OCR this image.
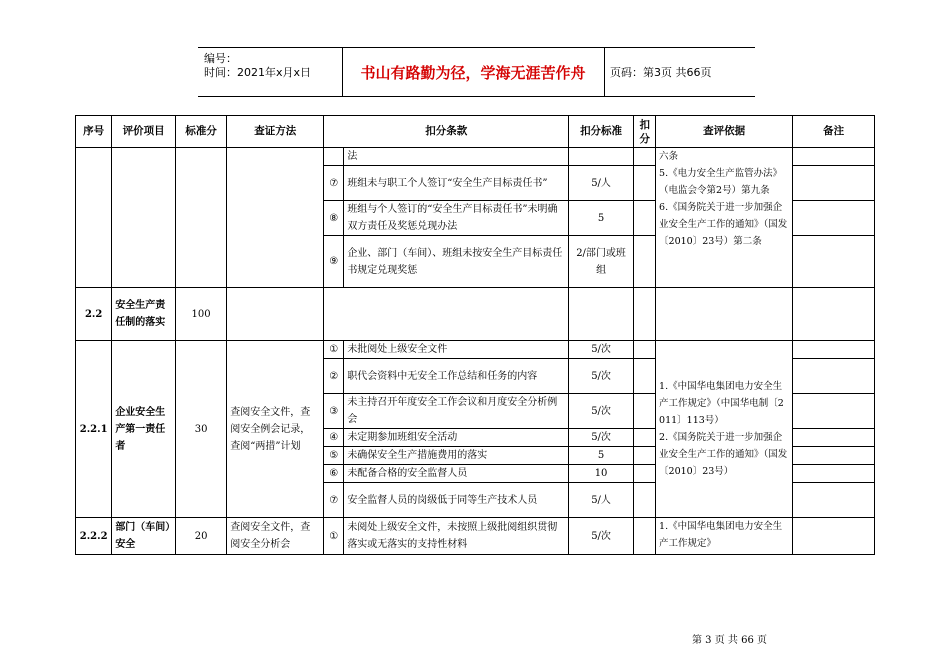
编号：
时间：2021年x月x日	书山有路勤为径，学海无涯苦作舟	页码：第3页 共66页
序号	评价项目	标准分	查证方法	扣分条款		扣分标准	扣分	查评依据	备注
					法			六条
5.《电力安全生产监管办法》（电监会令第2号）第九条
6.《国务院关于进一步加强企业安全生产工作的通知》（国发〔2010〕23号）第二条	
				⑦	班组未与职工个人签订“安全生产目标责任书”	5/人			
				⑧	班组与个人签订的“安全生产目标责任书”未明确双方责任及奖惩兑现办法	5			
				⑨	企业、部门（车间）、班组未按安全生产目标责任书规定兑现奖惩	2/部门或班组			
2.2	安全生产责任制的落实	100							
2.2.1	企业安全生产第一责任者	30	查阅安全文件，查阅安全例会记录，查阅“两措”计划	①	未批阅处上级安全文件	5/次		1.《中国华电集团电力安全生产工作规定》（中国华电制〔2011〕113号）
2.《国务院关于进一步加强企业安全生产工作的通知》（国发〔2010〕23号）	
				②	职代会资料中无安全工作总结和任务的内容	5/次			
				③	未主持召开年度安全工作会议和月度安全分析例会	5/次			
				④	未定期参加班组安全活动	5/次			
				⑤	未确保安全生产措施费用的落实	5			
				⑥	未配备合格的安全监督人员	10			
				⑦	安全监督人员的岗级低于同等生产技术人员	5/人			
2.2.2	部门（车间）安全	20	查阅安全文件，查阅安全分析会	①	未阅处上级安全文件，未按照上级批阅组织贯彻落实或无落实的支持性材料	5/次		1.《中国华电集团电力安全生产工作规定》	
第 3 页 共 66 页
